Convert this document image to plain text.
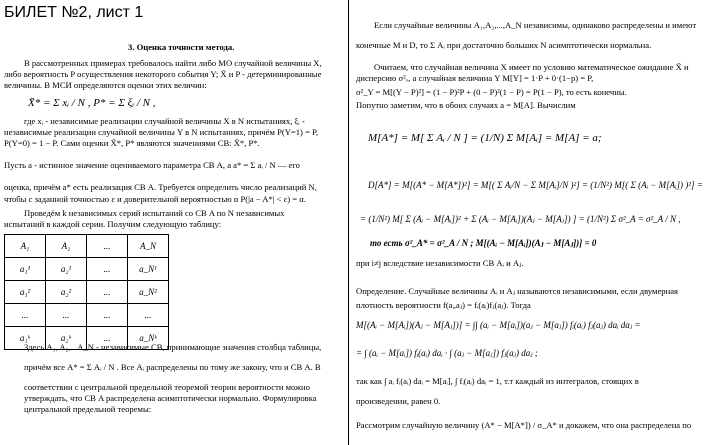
БИЛЕТ №2, лист 1
3. Оценка точности метода.
В рассмотренных примерах требовалось найти либо МО случайной величины X,
либо вероятность P осуществления некоторого события Y; X̄ и P - детерминированные
величины. В МСИ определяются оценки этих величин:
X̄* = Σ xᵢ / N , P* = Σ ξᵢ / N ,
где xᵢ - независимые реализации случайной величины X в N испытаниях, ξᵢ -
независимые реализации случайной величины Y в N испытаниях, причём P(Y=1) = P,
P(Y=0) = 1 − P. Сами оценки X̄*, P* являются значениями СВ: X̄*, P*.
Пусть a - истинное значение оцениваемого параметра СВ A, а a* = Σ aᵢ / N — его
оценка, причём a* есть реализация СВ A. Требуется определить число реализаций N,
чтобы с заданной точностью ε и доверительной вероятностью α P(|a − A*| < ε) = α.
Проведём k независимых серий испытаний со СВ A по N независимых
испытаний в каждой серии. Получим следующую таблицу:
A₁	A₂	...	A_N
a₁¹	a₂¹	...	a_N¹
a₁²	a₂²	...	a_N²
...	...	...	...
a₁ᵏ	a₂ᵏ	...	a_Nᵏ
Здесь A₁, A₂,...A_N - независимые СВ, принимающие значения столбца таблицы,
причём все A* = Σ Aᵢ / N . Все Aᵢ распределены по тому же закону, что и СВ A. В
соответствии с центральной предельной теоремой теории вероятности можно
утверждать, что СВ A распределена асимптотически нормально. Формулировка
центральной предельной теоремы:
Если случайные величины A₁,A₂,...,A_N независимы, одинаково распределены и имеют
конечные M и D, то Σ Aᵢ при достаточно больших N асимптотически нормальна.
Очитаем, что случайная величина X имеет по условию математическое ожидание X̄ и
дисперсию σ²ₓ, а случайная величина Y M[Y] = 1·P + 0·(1−p) = P,
σ²_Y = M[(Y − P)²] = (1 − P)²P + (0 − P)²(1 − P) = P(1 − P), то есть конечны.
Попутно заметим, что в обоих случаях a = M[A]. Вычислим
M[A*] = M[ Σ Aᵢ / N ] = (1/N) Σ M[Aᵢ] = M[A] = a;
D[A*] = M[(A* − M[A*])²] = M[( Σ Aᵢ/N − Σ M[Aᵢ]/N )²] = (1/N²) M[( Σ (Aᵢ − M[Aᵢ]) )²] =
= (1/N²) M[ Σ (Aᵢ − M[Aᵢ])² + Σ (Aᵢ − M[Aᵢ])(Aⱼ − M[Aⱼ]) ] = (1/N²) Σ σ²_A = σ²_A / N ,
то есть σ²_A* = σ²_A / N ; M[(Aᵢ − M[Aᵢ])(Aⱼ − M[Aⱼ])] = 0
при i≠j вследствие независимости СВ Aᵢ и Aⱼ.
Определение. Случайные величины Aᵢ и Aⱼ называются независимыми, если двумерная
плотность вероятности f(aᵢ,aⱼ) = fᵢ(aᵢ)fⱼ(aⱼ). Тогда
M[(Aᵢ − M[Aᵢ])(Aⱼ − M[Aⱼ])] = ∫∫ (aᵢ − M[aᵢ])(aⱼ − M[aⱼ]) fᵢ(aᵢ) fⱼ(aⱼ) daᵢ daⱼ =
= ∫ (aᵢ − M[aᵢ]) fᵢ(aᵢ) daᵢ · ∫ (aⱼ − M[aⱼ]) fⱼ(aⱼ) daⱼ ;
так как ∫ aᵢ fᵢ(aᵢ) daᵢ = M[aᵢ], ∫ fᵢ(aᵢ) daᵢ = 1, т.т каждый из интегралов, стоящих в
произведении, равен 0.
Рассмотрим случайную величину (A* − M[A*]) / σ_A* и докажем, что она распределена по
